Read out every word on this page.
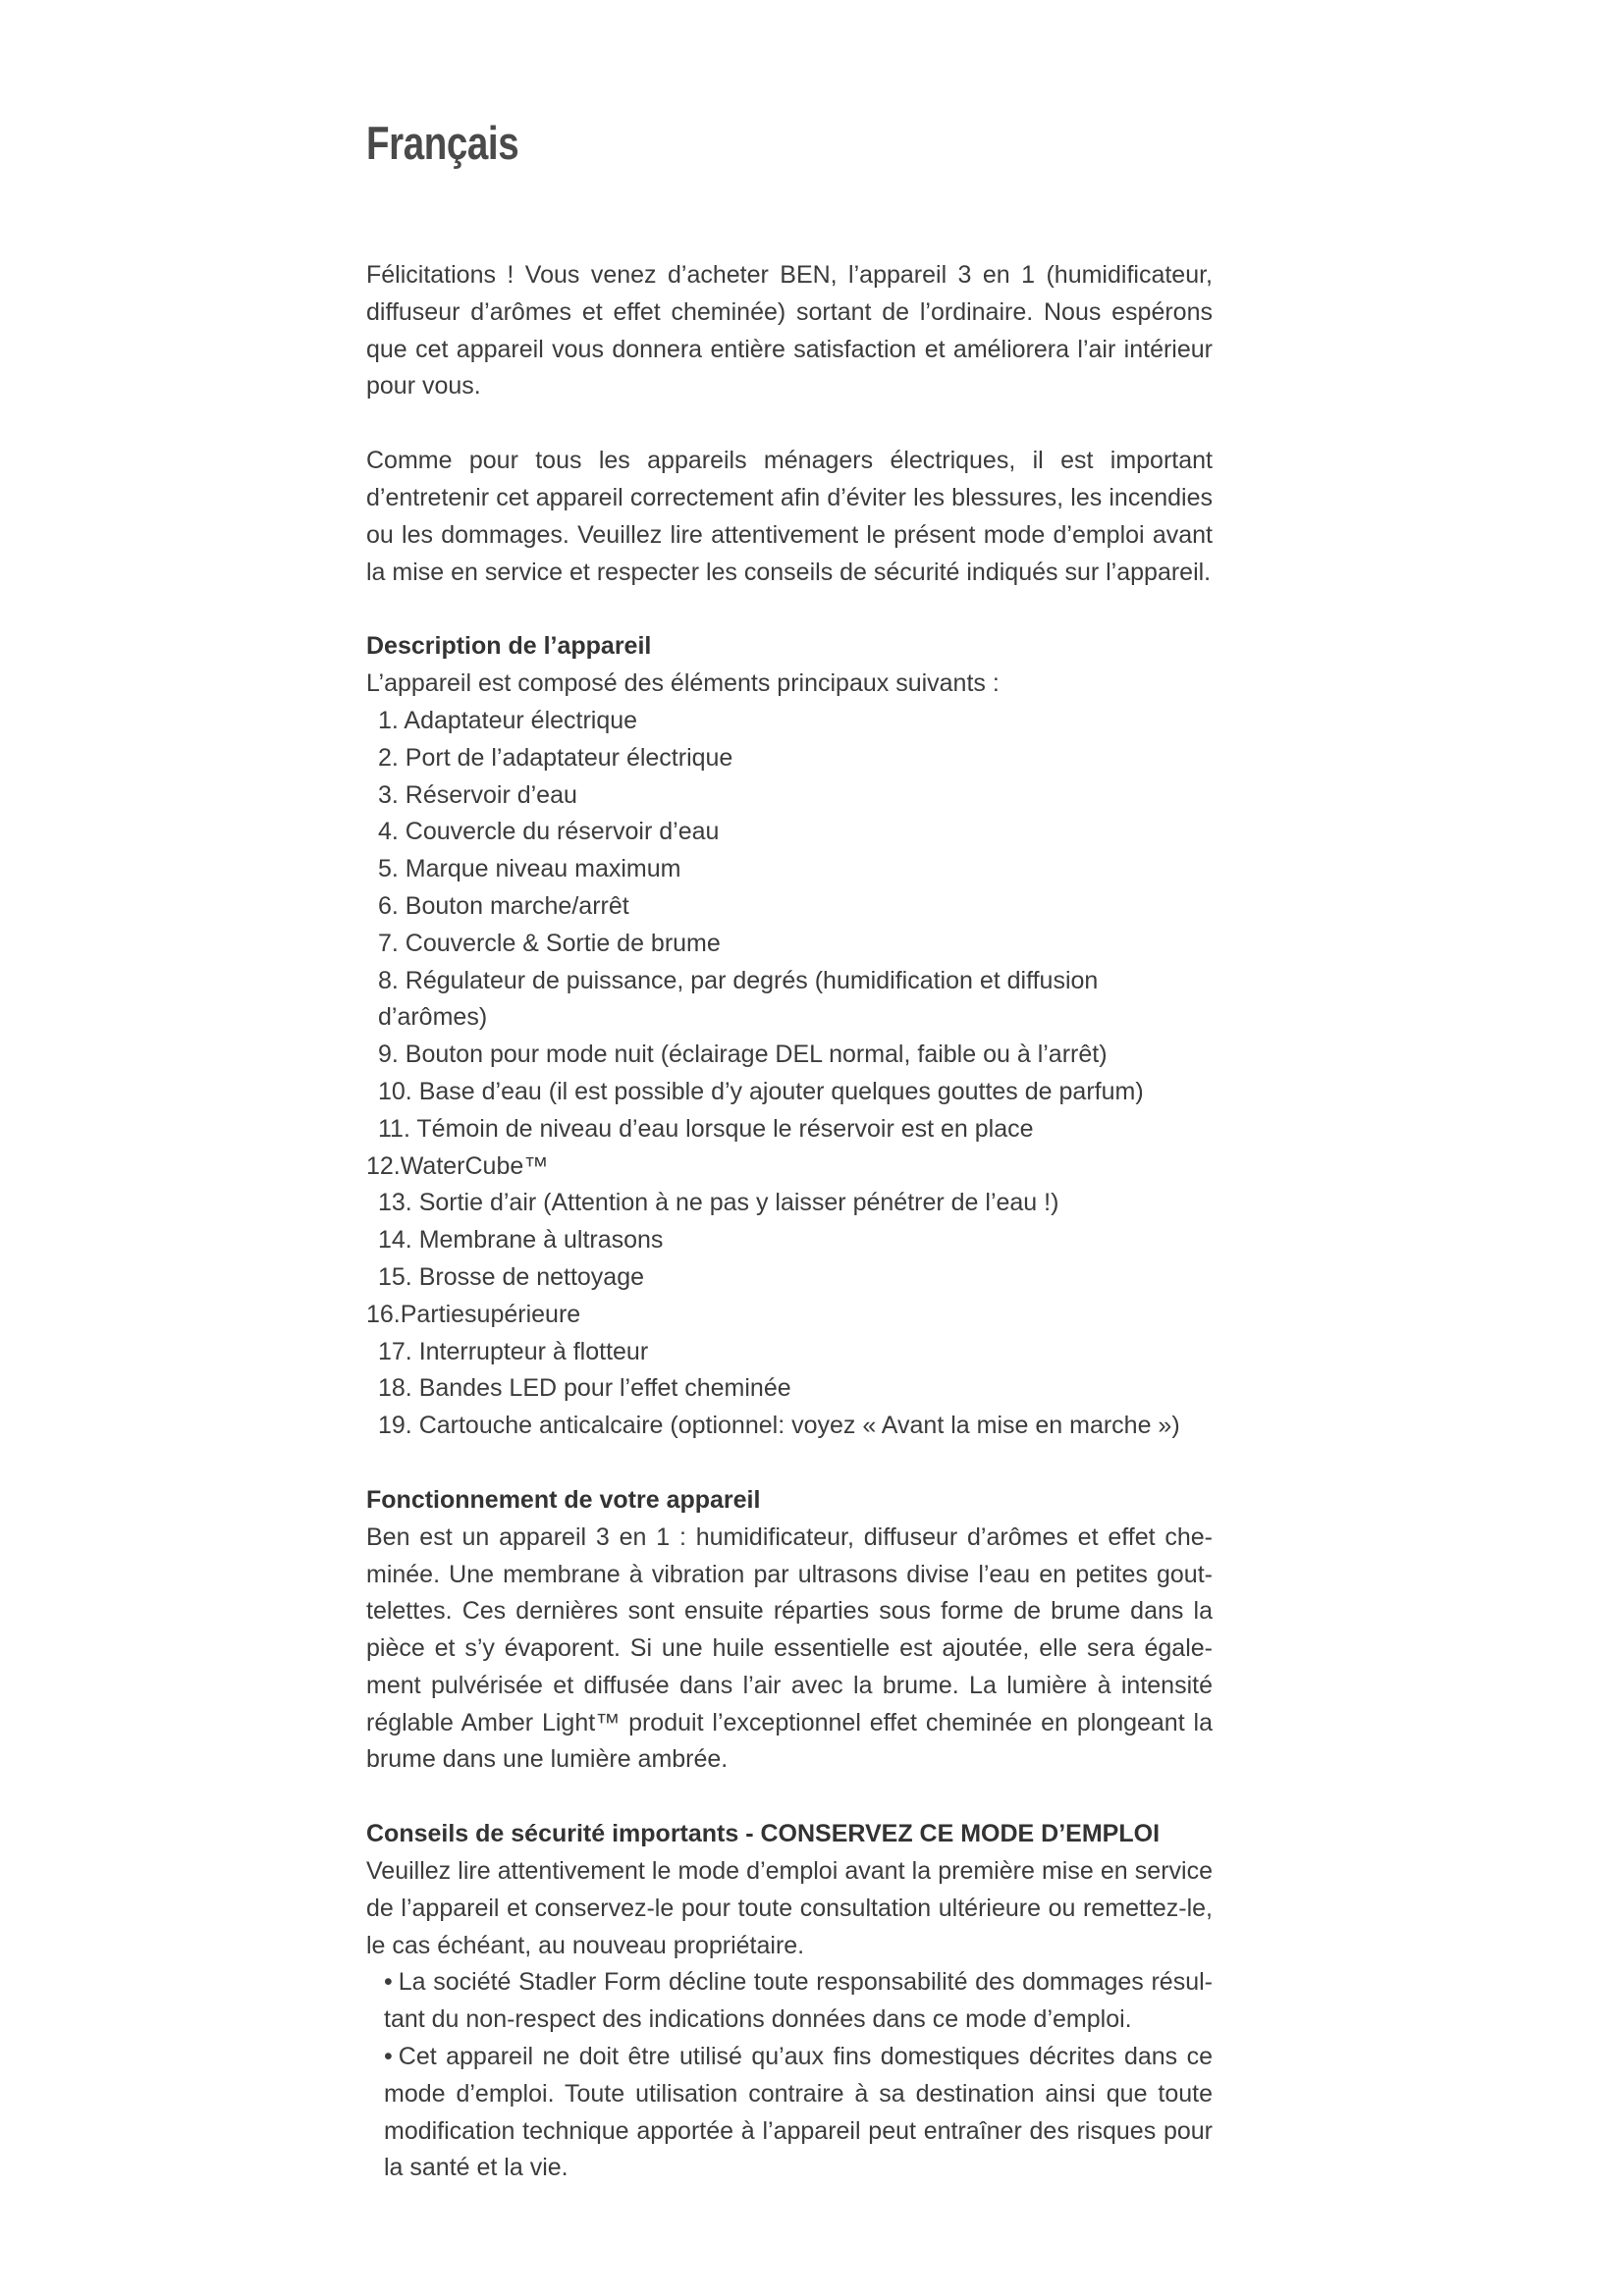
Français

Félicitations ! Vous venez d’acheter BEN, l’appareil 3 en 1 (humidificateur, diffuseur d’arômes et effet cheminée) sortant de l’ordinaire. Nous espérons que cet appareil vous donnera entière satisfaction et améliorera l’air intérieur pour vous.

Comme pour tous les appareils ménagers électriques, il est important d’entretenir cet appareil correctement afin d’éviter les blessures, les incendies ou les dommages. Veuillez lire attentivement le présent mode d’emploi avant la mise en service et respecter les conseils de sécurité indiqués sur l’appareil.

Description de l’appareil

L’appareil est composé des éléments principaux suivants :

1. Adaptateur électrique
2. Port de l’adaptateur électrique
3. Réservoir d’eau
4. Couvercle du réservoir d’eau
5. Marque niveau maximum
6. Bouton marche/arrêt
7. Couvercle & Sortie de brume
8. Régulateur de puissance, par degrés (humidification et diffusion d’arômes)
9. Bouton pour mode nuit (éclairage DEL normal, faible ou à l’arrêt)
10. Base d’eau (il est possible d’y ajouter quelques gouttes de parfum)
11. Témoin de niveau d’eau lorsque le réservoir est en place
12.WaterCube™
13. Sortie d’air (Attention à ne pas y laisser pénétrer de l’eau !)
14. Membrane à ultrasons
15. Brosse de nettoyage
16.Partiesupérieure
17. Interrupteur à flotteur
18. Bandes LED pour l’effet cheminée
19. Cartouche anticalcaire (optionnel: voyez « Avant la mise en marche »)
Fonctionnement de votre appareil

Ben est un appareil 3 en 1 : humidificateur, diffuseur d’arômes et effet cheminée. Une membrane à vibration par ultrasons divise l’eau en petites gouttelettes. Ces dernières sont ensuite réparties sous forme de brume dans la pièce et s’y évaporent. Si une huile essentielle est ajoutée, elle sera également pulvérisée et diffusée dans l’air avec la brume. La lumière à intensité réglable Amber Light™ produit l’exceptionnel effet cheminée en plongeant la brume dans une lumière ambrée.

Conseils de sécurité importants - CONSERVEZ CE MODE D’EMPLOI

Veuillez lire attentivement le mode d’emploi avant la première mise en service de l’appareil et conservez-le pour toute consultation ultérieure ou remettez-le, le cas échéant, au nouveau propriétaire.

• La société Stadler Form décline toute responsabilité des dommages résultant du non-respect des indications données dans ce mode d’emploi.
• Cet appareil ne doit être utilisé qu’aux fins domestiques décrites dans ce mode d’emploi. Toute utilisation contraire à sa destination ainsi que toute modification technique apportée à l’appareil peut entraîner des risques pour la santé et la vie.
